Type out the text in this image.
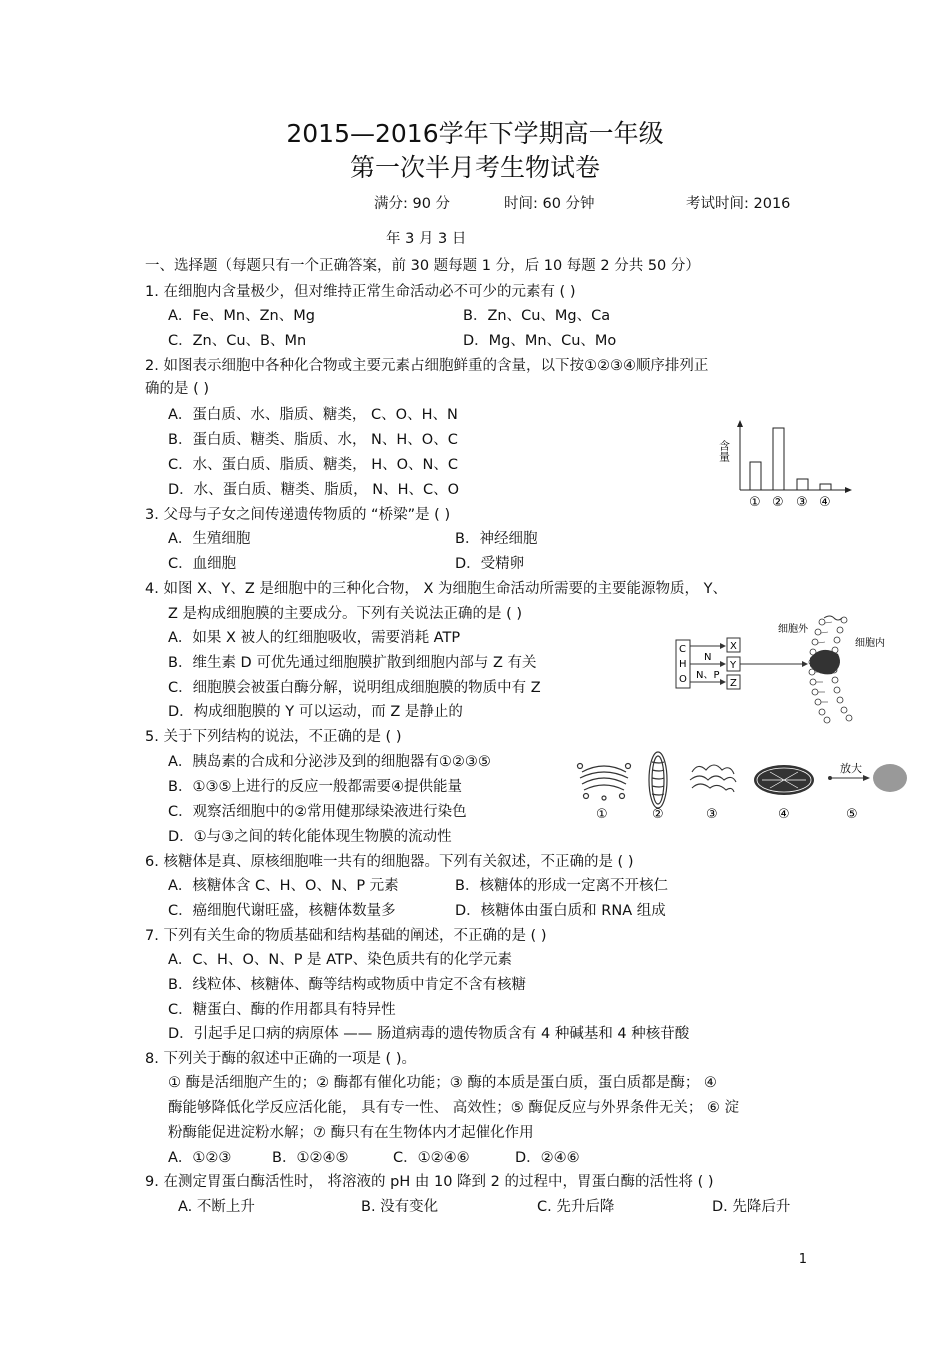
2015—2016学年下学期高一年级
第一次半月考生物试卷
满分: 90 分	时间: 60 分钟	考试时间: 2016
年 3 月 3 日
一、选择题（每题只有一个正确答案，前 30 题每题 1 分，后 10 每题 2 分共 50 分）
1. 在细胞内含量极少，但对维持正常生命活动必不可少的元素有 ( )
A．Fe、Mn、Zn、Mg	B．Zn、Cu、Mg、Ca
C．Zn、Cu、B、Mn	D．Mg、Mn、Cu、Mo
2. 如图表示细胞中各种化合物或主要元素占细胞鲜重的含量，以下按①②③④顺序排列正
确的是 ( )
A．蛋白质、水、脂质、糖类， C、O、H、N
B．蛋白质、糖类、脂质、水， N、H、O、C
C．水、蛋白质、脂质、糖类， H、O、N、C
D．水、蛋白质、糖类、脂质， N、H、C、O
含量
① ② ③ ④
3. 父母与子女之间传递遗传物质的 “桥梁”是 ( )
A．生殖细胞	B．神经细胞
C．血细胞	D．受精卵
4. 如图 X、Y、Z 是细胞中的三种化合物， X 为细胞生命活动所需要的主要能源物质， Y、
Z 是构成细胞膜的主要成分。下列有关说法正确的是 ( )
A．如果 X 被人的红细胞吸收，需要消耗 ATP
B．维生素 D 可优先通过细胞膜扩散到细胞内部与 Z 有关
C．细胞膜会被蛋白酶分解，说明组成细胞膜的物质中有 Z
D．构成细胞膜的 Y 可以运动，而 Z 是静止的
C
H
O
N
N、P
X
Y
Z
细胞外
细胞内
5. 关于下列结构的说法，不正确的是 ( )
A．胰岛素的合成和分泌涉及到的细胞器有①②③⑤
B．①③⑤上进行的反应一般都需要④提供能量
C．观察活细胞中的②常用健那绿染液进行染色
D．①与③之间的转化能体现生物膜的流动性
①	②	③	④
放大
⑤
6. 核糖体是真、原核细胞唯一共有的细胞器。下列有关叙述，不正确的是 ( )
A．核糖体含 C、H、O、N、P 元素	B．核糖体的形成一定离不开核仁
C．癌细胞代谢旺盛，核糖体数量多	D．核糖体由蛋白质和 RNA 组成
7. 下列有关生命的物质基础和结构基础的阐述，不正确的是 ( )
A．C、H、O、N、P 是 ATP、染色质共有的化学元素
B．线粒体、核糖体、酶等结构或物质中肯定不含有核糖
C．糖蛋白、酶的作用都具有特异性
D．引起手足口病的病原体 —— 肠道病毒的遗传物质含有 4 种碱基和 4 种核苷酸
8. 下列关于酶的叙述中正确的一项是 ( )。
① 酶是活细胞产生的；② 酶都有催化功能；③ 酶的本质是蛋白质，蛋白质都是酶； ④
酶能够降低化学反应活化能， 具有专一性、 高效性；⑤ 酶促反应与外界条件无关； ⑥ 淀
粉酶能促进淀粉水解；⑦ 酶只有在生物体内才起催化作用
A．①②③	B．①②④⑤	C．①②④⑥	D．②④⑥
9. 在测定胃蛋白酶活性时， 将溶液的 pH 由 10 降到 2 的过程中，胃蛋白酶的活性将 ( )
A. 不断上升	B. 没有变化	C. 先升后降	D. 先降后升
1
